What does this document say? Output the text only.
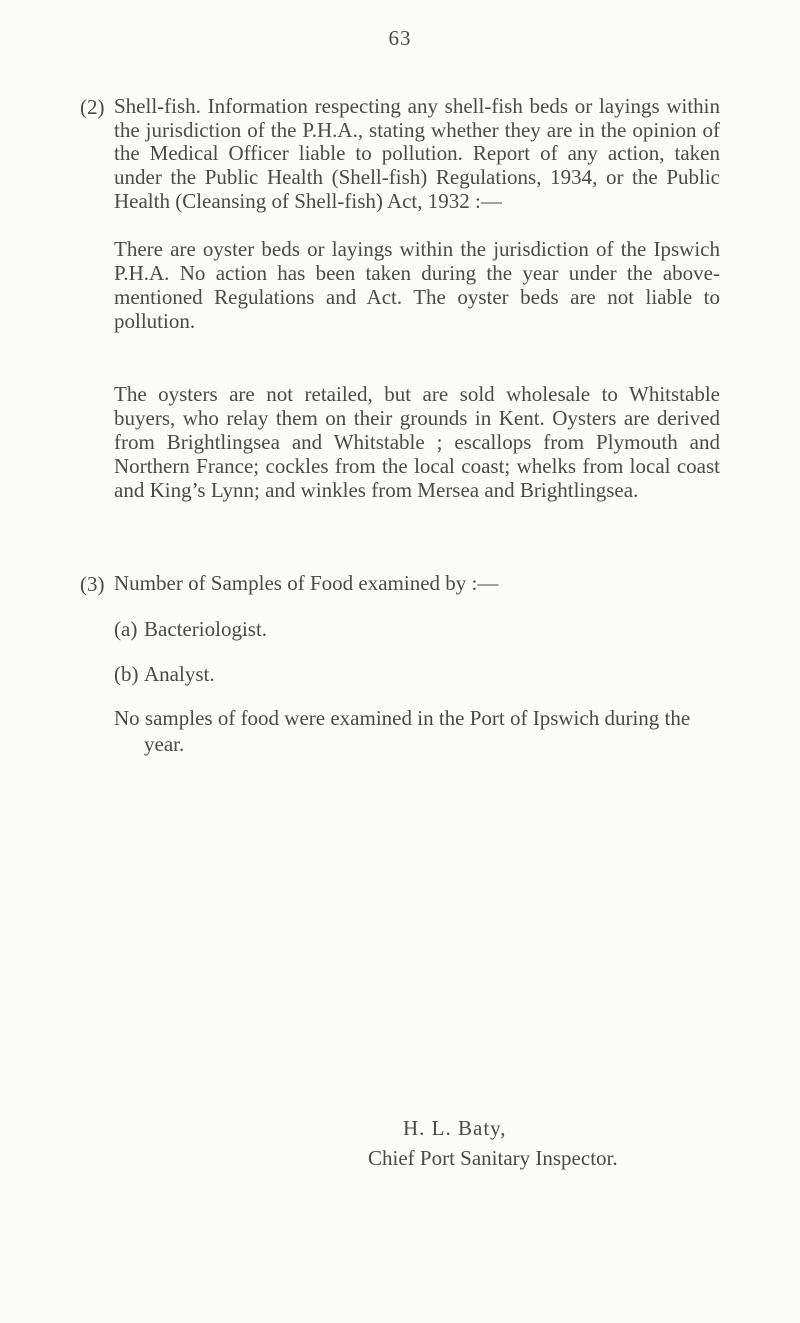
63
(2) Shell-fish. Information respecting any shell-fish beds or layings within the jurisdiction of the P.H.A., stating whether they are in the opinion of the Medical Officer liable to pollution. Report of any action, taken under the Public Health (Shell-fish) Regulations, 1934, or the Public Health (Cleansing of Shell-fish) Act, 1932 :—
There are oyster beds or layings within the jurisdiction of the Ipswich P.H.A. No action has been taken during the year under the above-mentioned Regulations and Act. The oyster beds are not liable to pollution.
The oysters are not retailed, but are sold wholesale to Whitstable buyers, who relay them on their grounds in Kent. Oysters are derived from Brightlingsea and Whitstable ; escallops from Plymouth and Northern France; cockles from the local coast; whelks from local coast and King’s Lynn; and winkles from Mersea and Brightlingsea.
(3) Number of Samples of Food examined by :—
(a) Bacteriologist.
(b) Analyst.
No samples of food were examined in the Port of Ipswich during the year.
H. L. Baty,
Chief Port Sanitary Inspector.
